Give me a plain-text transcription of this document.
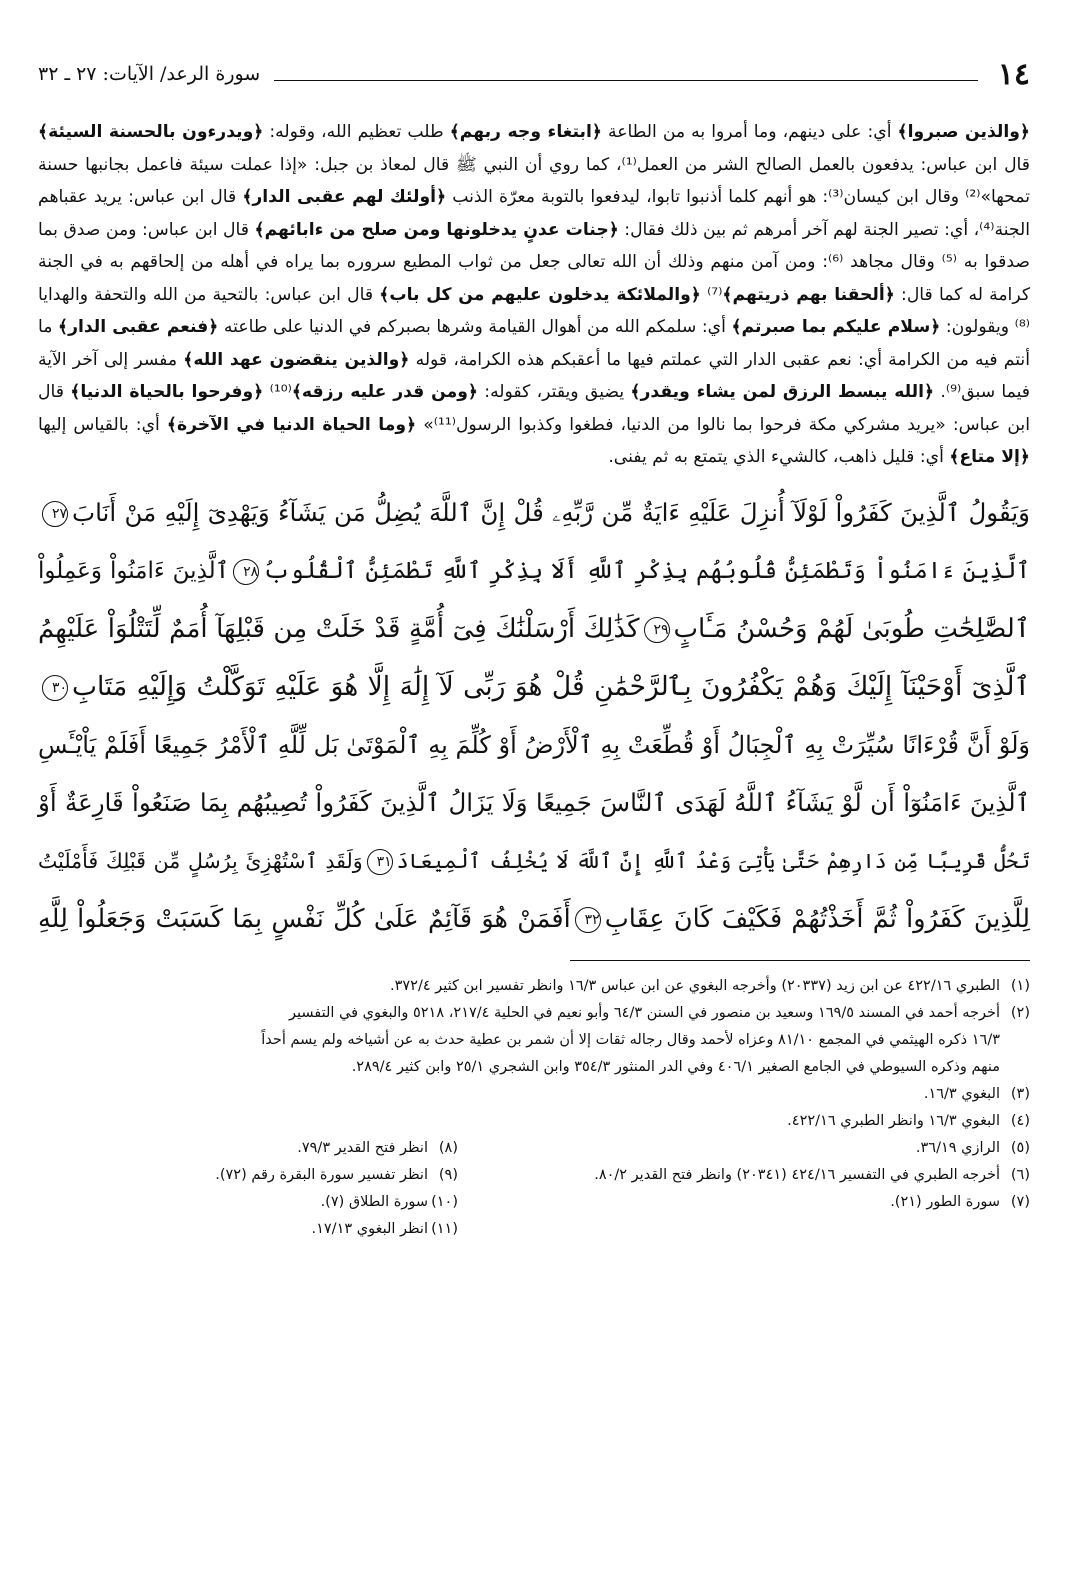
١٤
سورة الرعد/ الآيات: ٢٧ ـ ٣٢
﴿والذين صبروا﴾ أي: على دينهم، وما أمروا به من الطاعة ﴿ابتغاء وجه ربهم﴾ طلب تعظيم الله، وقوله: ﴿ويدرءون بالحسنة السيئة﴾ قال ابن عباس: يدفعون بالعمل الصالح الشر من العمل⁽¹⁾، كما روي أن النبي ﷺ قال لمعاذ بن جبل: «إذا عملت سيئة فاعمل بجانبها حسنة تمحها»⁽²⁾ وقال ابن كيسان⁽³⁾: هو أنهم كلما أذنبوا تابوا، ليدفعوا بالتوبة معرّة الذنب ﴿أولئك لهم عقبى الدار﴾ قال ابن عباس: يريد عقباهم الجنة⁽⁴⁾، أي: تصير الجنة لهم آخر أمرهم ثم بين ذلك فقال: ﴿جنات عدنٍ يدخلونها ومن صلح من ءابائهم﴾ قال ابن عباس: ومن صدق بما صدقوا به ⁽⁵⁾ وقال مجاهد ⁽⁶⁾: ومن آمن منهم وذلك أن الله تعالى جعل من ثواب المطيع سروره بما يراه في أهله من إلحاقهم به في الجنة كرامة له كما قال: ﴿ألحقنا بهم ذريتهم﴾⁽⁷⁾ ﴿والملائكة يدخلون عليهم من كل باب﴾ قال ابن عباس: بالتحية من الله والتحفة والهدايا ⁽⁸⁾ ويقولون: ﴿سلام عليكم بما صبرتم﴾ أي: سلمكم الله من أهوال القيامة وشرها بصبركم في الدنيا على طاعته ﴿فنعم عقبى الدار﴾ ما أنتم فيه من الكرامة أي: نعم عقبى الدار التي عملتم فيها ما أعقبكم هذه الكرامة، قوله ﴿والذين ينقضون عهد الله﴾ مفسر إلى آخر الآية فيما سبق⁽⁹⁾. ﴿الله يبسط الرزق لمن يشاء ويقدر﴾ يضيق ويقتر، كقوله: ﴿ومن قدر عليه رزقه﴾⁽¹⁰⁾ ﴿وفرحوا بالحياة الدنيا﴾ قال ابن عباس: «يريد مشركي مكة فرحوا بما نالوا من الدنيا، فطغوا وكذبوا الرسول⁽¹¹⁾» ﴿وما الحياة الدنيا في الآخرة﴾ أي: بالقياس إليها ﴿إلا متاع﴾ أي: قليل ذاهب، كالشيء الذي يتمتع به ثم يفنى.
وَيَقُولُ ٱلَّذِينَ كَفَرُواْ لَوْلَآ أُنزِلَ عَلَيْهِ ءَايَةٌ مِّن رَّبِّهِۦ قُلْ إِنَّ ٱللَّهَ يُضِلُّ مَن يَشَآءُ وَيَهْدِىٓ إِلَيْهِ مَنْ أَنَابَ٢٧
ٱلَّذِينَ ءَامَنُواْ وَتَطْمَئِنُّ قُلُوبُهُم بِذِكْرِ ٱللَّهِ أَلَا بِذِكْرِ ٱللَّهِ تَطْمَئِنُّ ٱلْقُلُوبُ٢٨ٱلَّذِينَ ءَامَنُواْ وَعَمِلُواْ
ٱلصَّٰلِحَٰتِ طُوبَىٰ لَهُمْ وَحُسْنُ مَـَٔابٍ٢٩كَذَٰلِكَ أَرْسَلْنَٰكَ فِىٓ أُمَّةٍ قَدْ خَلَتْ مِن قَبْلِهَآ أُمَمٌ لِّتَتْلُوَاْ عَلَيْهِمُ
ٱلَّذِىٓ أَوْحَيْنَآ إِلَيْكَ وَهُمْ يَكْفُرُونَ بِٱلرَّحْمَٰنِ قُلْ هُوَ رَبِّى لَآ إِلَٰهَ إِلَّا هُوَ عَلَيْهِ تَوَكَّلْتُ وَإِلَيْهِ مَتَابِ٣٠
وَلَوْ أَنَّ قُرْءَانًا سُيِّرَتْ بِهِ ٱلْجِبَالُ أَوْ قُطِّعَتْ بِهِ ٱلْأَرْضُ أَوْ كُلِّمَ بِهِ ٱلْمَوْتَىٰ بَل لِّلَّهِ ٱلْأَمْرُ جَمِيعًا أَفَلَمْ يَاْيْـَٔسِ
ٱلَّذِينَ ءَامَنُوٓاْ أَن لَّوْ يَشَآءُ ٱللَّهُ لَهَدَى ٱلنَّاسَ جَمِيعًا وَلَا يَزَالُ ٱلَّذِينَ كَفَرُواْ تُصِيبُهُم بِمَا صَنَعُواْ قَارِعَةٌ أَوْ
تَحُلُّ قَرِيبًا مِّن دَارِهِمْ حَتَّىٰ يَأْتِىَ وَعْدُ ٱللَّهِ إِنَّ ٱللَّهَ لَا يُخْلِفُ ٱلْمِيعَادَ٣١وَلَقَدِ ٱسْتُهْزِئَ بِرُسُلٍ مِّن قَبْلِكَ فَأَمْلَيْتُ
لِلَّذِينَ كَفَرُواْ ثُمَّ أَخَذْتُهُمْ فَكَيْفَ كَانَ عِقَابِ٣٢أَفَمَنْ هُوَ قَآئِمٌ عَلَىٰ كُلِّ نَفْسٍ بِمَا كَسَبَتْ وَجَعَلُواْ لِلَّهِ
(١)الطبري ٤٢٢/١٦ عن ابن زيد (٢٠٣٣٧) وأخرجه البغوي عن ابن عباس ١٦/٣ وانظر تفسير ابن كثير ٣٧٢/٤.
(٢)أخرجه أحمد في المسند ١٦٩/٥ وسعيد بن منصور في السنن ٦٤/٣ وأبو نعيم في الحلية ٢١٧/٤، ٥٢١٨ والبغوي في التفسير
١٦/٣ ذكره الهيثمي في المجمع ٨١/١٠ وعزاه لأحمد وقال رجاله ثقات إلا أن شمر بن عطية حدث به عن أشياخه ولم يسم أحداً
منهم وذكره السيوطي في الجامع الصغير ٤٠٦/١ وفي الدر المنثور ٣٥٤/٣ وابن الشجري ٢٥/١ وابن كثير ٢٨٩/٤.
(٣)البغوي ١٦/٣.
(٤)البغوي ١٦/٣ وانظر الطبري ٤٢٢/١٦.
(٥)الرازي ٣٦/١٩.
(٦)أخرجه الطبري في التفسير ٤٢٤/١٦ (٢٠٣٤١) وانظر فتح القدير ٨٠/٢.
(٧)سورة الطور (٢١).
(٨)انظر فتح القدير ٧٩/٣.
(٩)انظر تفسير سورة البقرة رقم (٧٢).
(١٠)سورة الطلاق (٧).
(١١)انظر البغوي ١٧/١٣.
